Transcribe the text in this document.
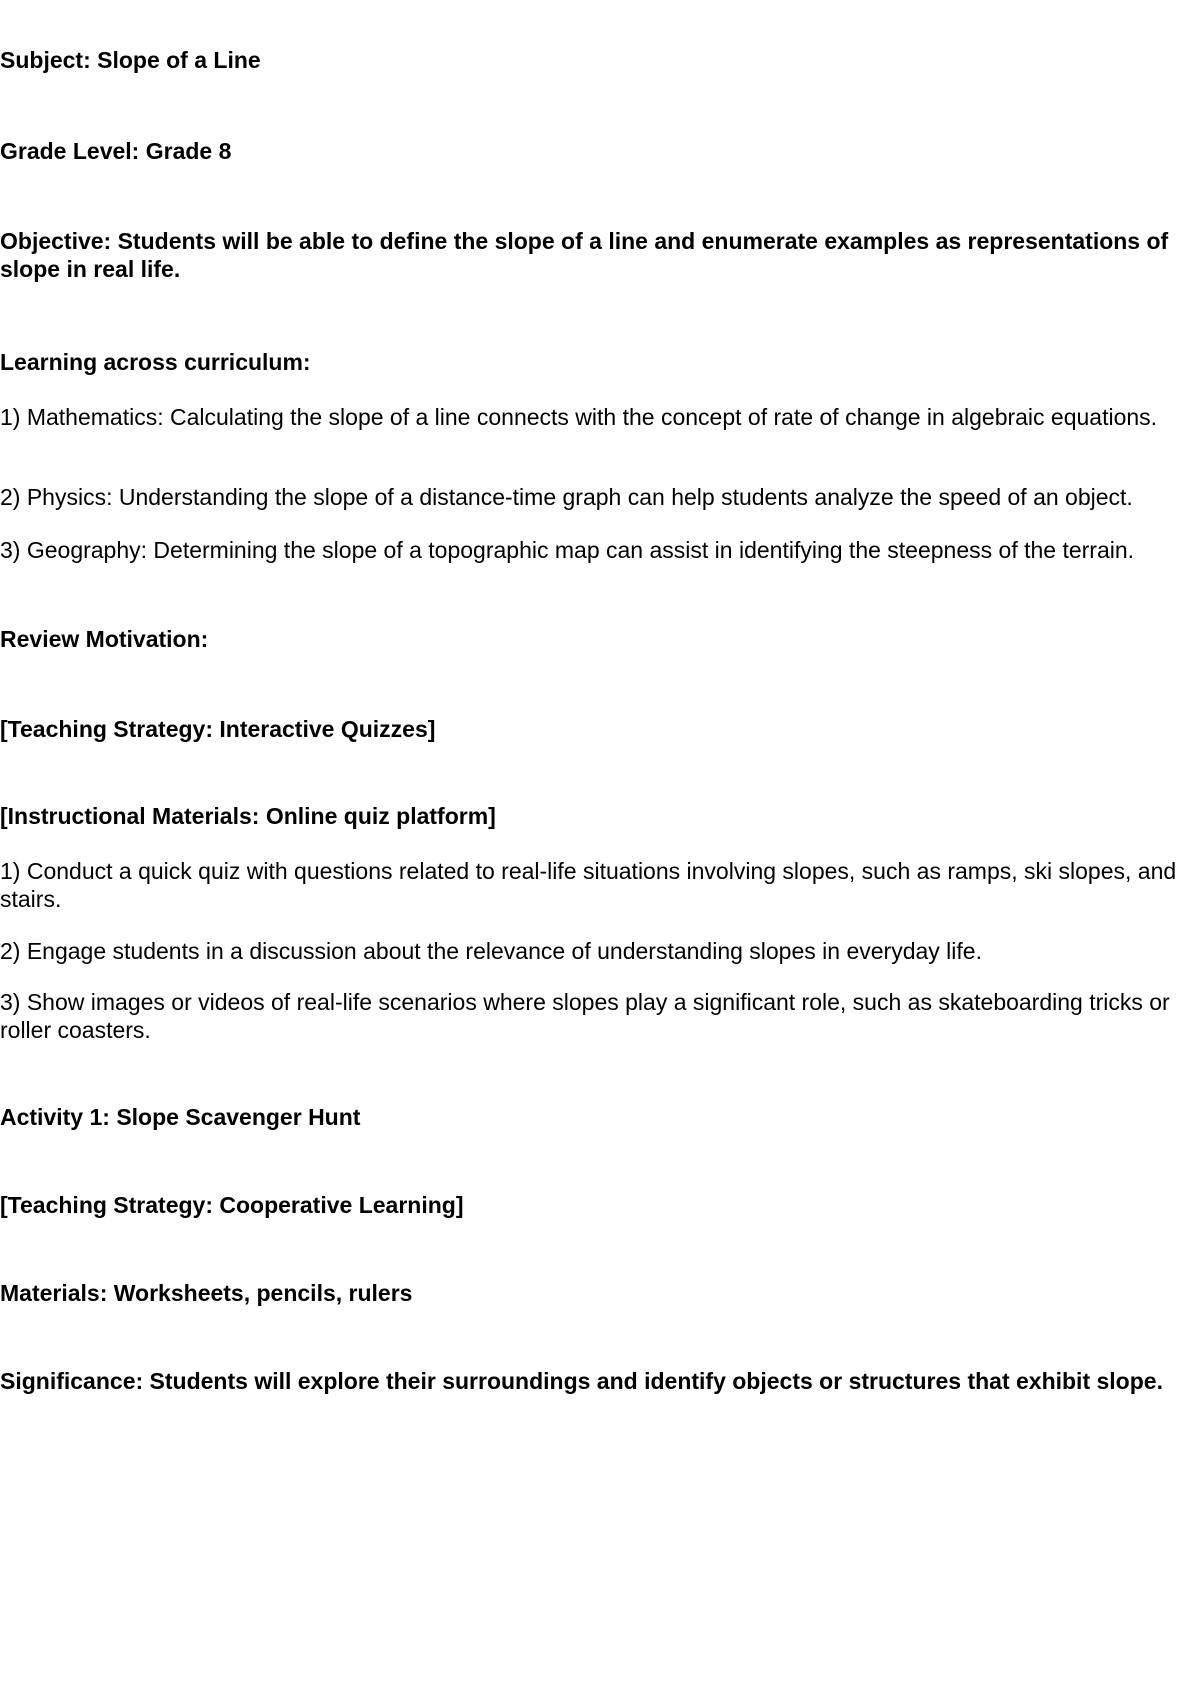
Subject: Slope of a Line

Grade Level: Grade 8

Objective: Students will be able to define the slope of a line and enumerate examples as representations of slope in real life.

Learning across curriculum:

1) Mathematics: Calculating the slope of a line connects with the concept of rate of change in algebraic equations.

2) Physics: Understanding the slope of a distance-time graph can help students analyze the speed of an object.

3) Geography: Determining the slope of a topographic map can assist in identifying the steepness of the terrain.

Review Motivation:

[Teaching Strategy: Interactive Quizzes]

[Instructional Materials: Online quiz platform]

1) Conduct a quick quiz with questions related to real-life situations involving slopes, such as ramps, ski slopes, and stairs.

2) Engage students in a discussion about the relevance of understanding slopes in everyday life.

3) Show images or videos of real-life scenarios where slopes play a significant role, such as skateboarding tricks or roller coasters.

Activity 1: Slope Scavenger Hunt

[Teaching Strategy: Cooperative Learning]

Materials: Worksheets, pencils, rulers

Significance: Students will explore their surroundings and identify objects or structures that exhibit slope.
